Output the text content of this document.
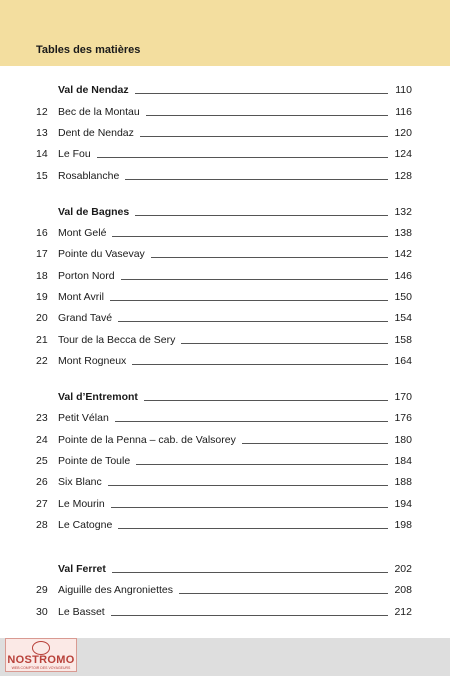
Tables des matières
Val de Nendaz	110
12 Bec de la Montau	116
13 Dent de Nendaz	120
14 Le Fou	124
15 Rosablanche	128
Val de Bagnes	132
16 Mont Gelé	138
17 Pointe du Vasevay	142
18 Porton Nord	146
19 Mont Avril	150
20 Grand Tavé	154
21 Tour de la Becca de Sery	158
22 Mont Rogneux	164
Val d’Entremont	170
23 Petit Vélan	176
24 Pointe de la Penna – cab. de Valsorey	180
25 Pointe de Toule	184
26 Six Blanc	188
27 Le Mourin	194
28 Le Catogne	198
Val Ferret	202
29 Aiguille des Angroniettes	208
30 Le Basset	212
NOSTROMO
WEB COMPTOIR DES VOYAGEURS
